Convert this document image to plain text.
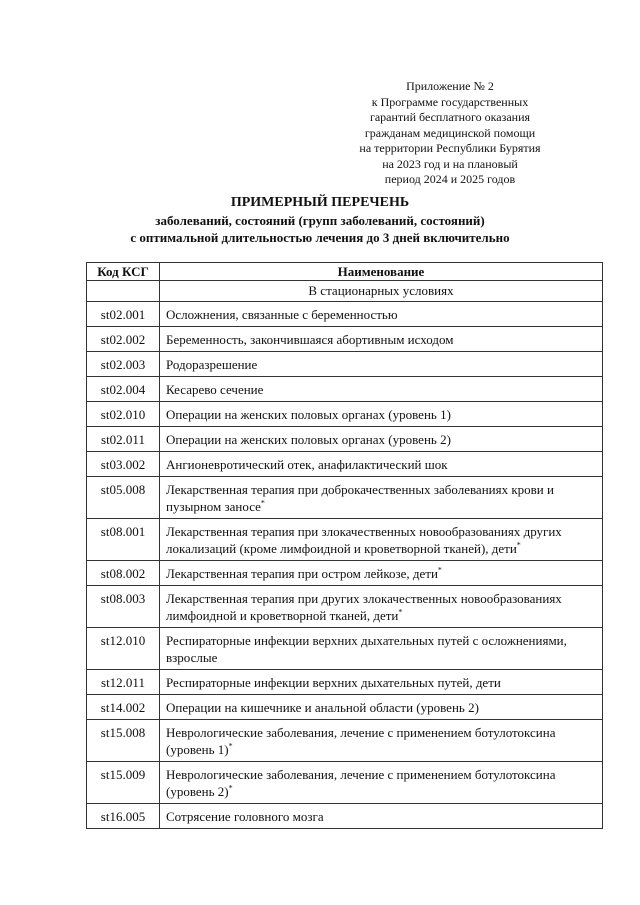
Приложение № 2
к Программе государственных
гарантий бесплатного оказания
гражданам медицинской помощи
на территории Республики Бурятия
на 2023 год и на плановый
период 2024 и 2025 годов
ПРИМЕРНЫЙ ПЕРЕЧЕНЬ
заболеваний, состояний (групп заболеваний, состояний)
с оптимальной длительностью лечения до 3 дней включительно
Код КСГ	Наименование
	В стационарных условиях
st02.001	Осложнения, связанные с беременностью
st02.002	Беременность, закончившаяся абортивным исходом
st02.003	Родоразрешение
st02.004	Кесарево сечение
st02.010	Операции на женских половых органах (уровень 1)
st02.011	Операции на женских половых органах (уровень 2)
st03.002	Ангионевротический отек, анафилактический шок
st05.008	Лекарственная терапия при доброкачественных заболеваниях крови и пузырном заносе*
st08.001	Лекарственная терапия при злокачественных новообразованиях других локализаций (кроме лимфоидной и кроветворной тканей), дети*
st08.002	Лекарственная терапия при остром лейкозе, дети*
st08.003	Лекарственная терапия при других злокачественных новообразованиях лимфоидной и кроветворной тканей, дети*
st12.010	Респираторные инфекции верхних дыхательных путей с осложнениями, взрослые
st12.011	Респираторные инфекции верхних дыхательных путей, дети
st14.002	Операции на кишечнике и анальной области (уровень 2)
st15.008	Неврологические заболевания, лечение с применением ботулотоксина (уровень 1)*
st15.009	Неврологические заболевания, лечение с применением ботулотоксина (уровень 2)*
st16.005	Сотрясение головного мозга
